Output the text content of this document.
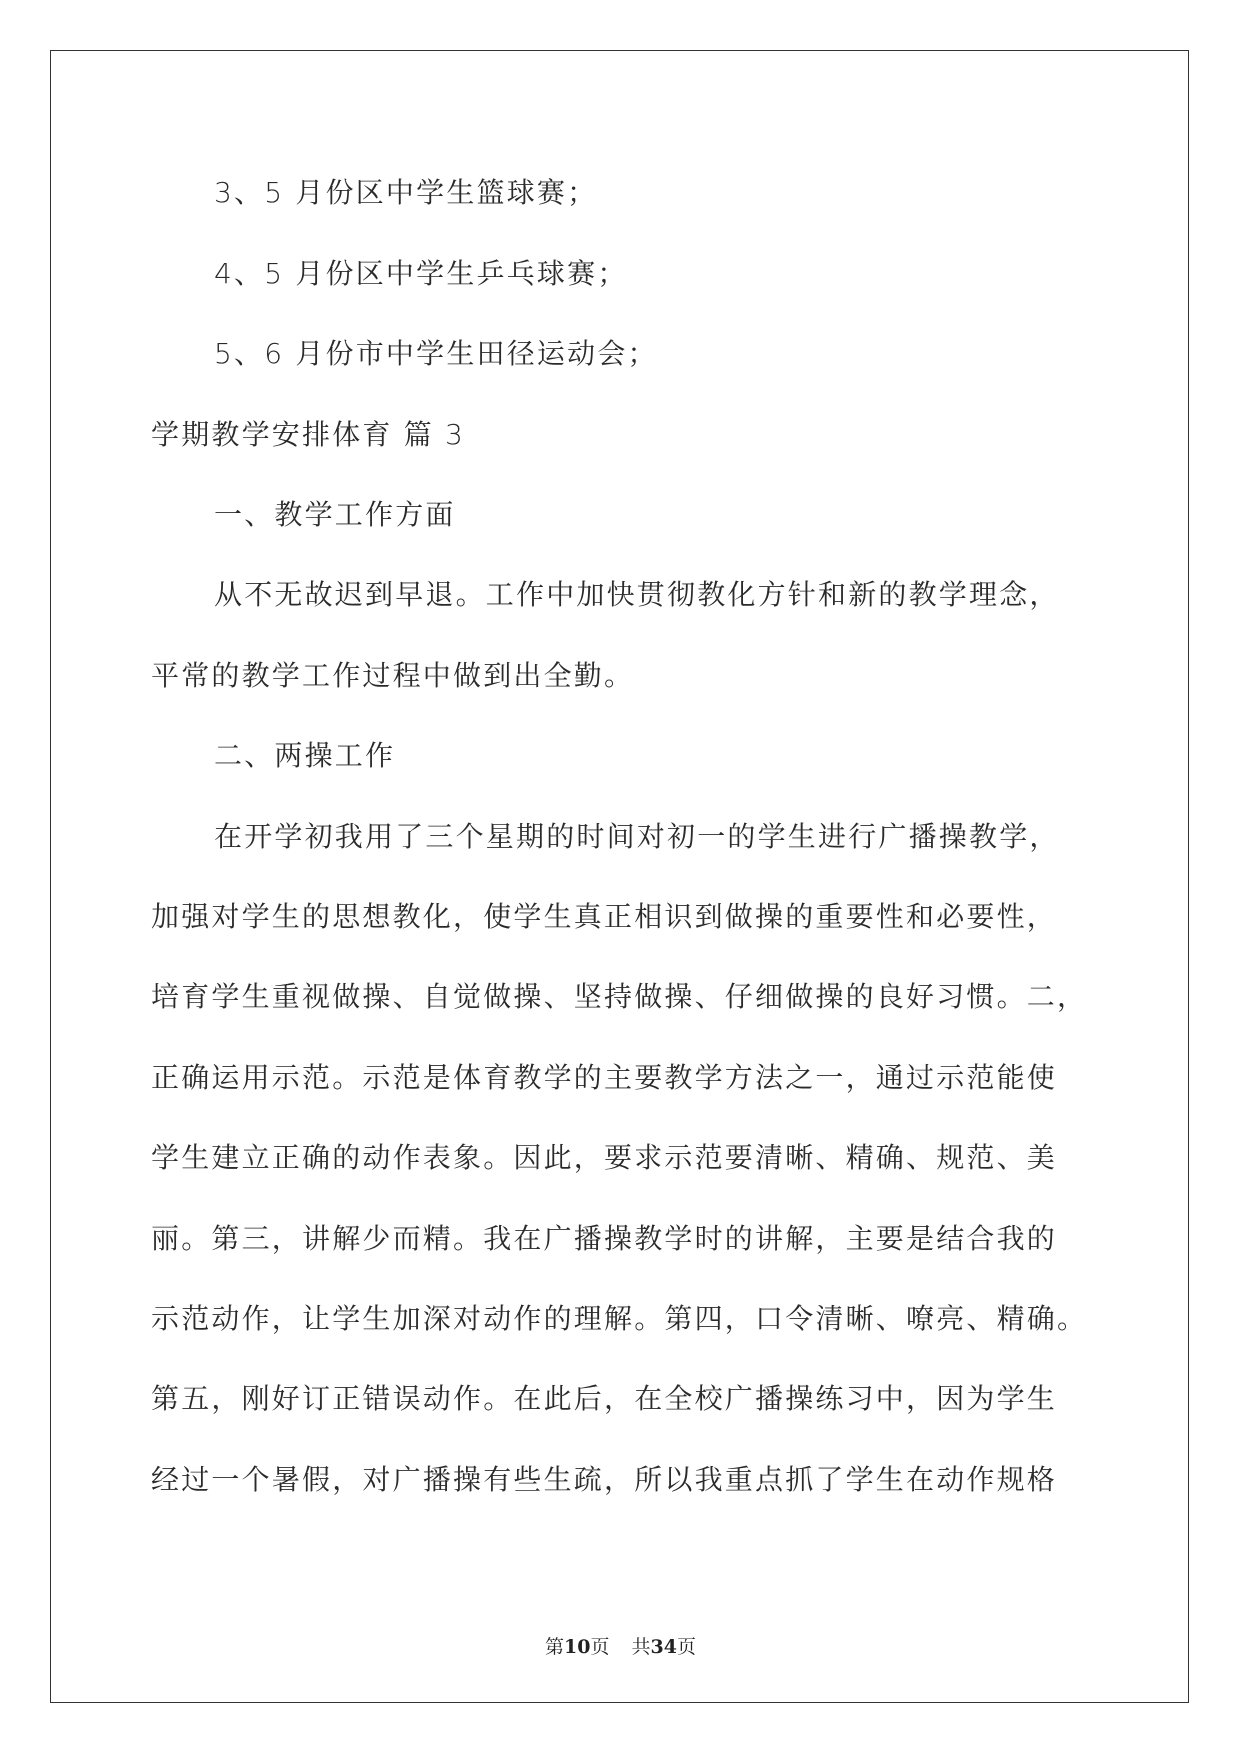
3、5 月份区中学生篮球赛；
4、5 月份区中学生乒乓球赛；
5、6 月份市中学生田径运动会；
学期教学安排体育 篇 3
一、教学工作方面
从不无故迟到早退。工作中加快贯彻教化方针和新的教学理念，
平常的教学工作过程中做到出全勤。
二、两操工作
在开学初我用了三个星期的时间对初一的学生进行广播操教学，
加强对学生的思想教化，使学生真正相识到做操的重要性和必要性，
培育学生重视做操、自觉做操、坚持做操、仔细做操的良好习惯。二，
正确运用示范。示范是体育教学的主要教学方法之一，通过示范能使
学生建立正确的动作表象。因此，要求示范要清晰、精确、规范、美
丽。第三，讲解少而精。我在广播操教学时的讲解，主要是结合我的
示范动作，让学生加深对动作的理解。第四，口令清晰、嘹亮、精确。
第五，刚好订正错误动作。在此后，在全校广播操练习中，因为学生
经过一个暑假，对广播操有些生疏，所以我重点抓了学生在动作规格
第10页 共34页
